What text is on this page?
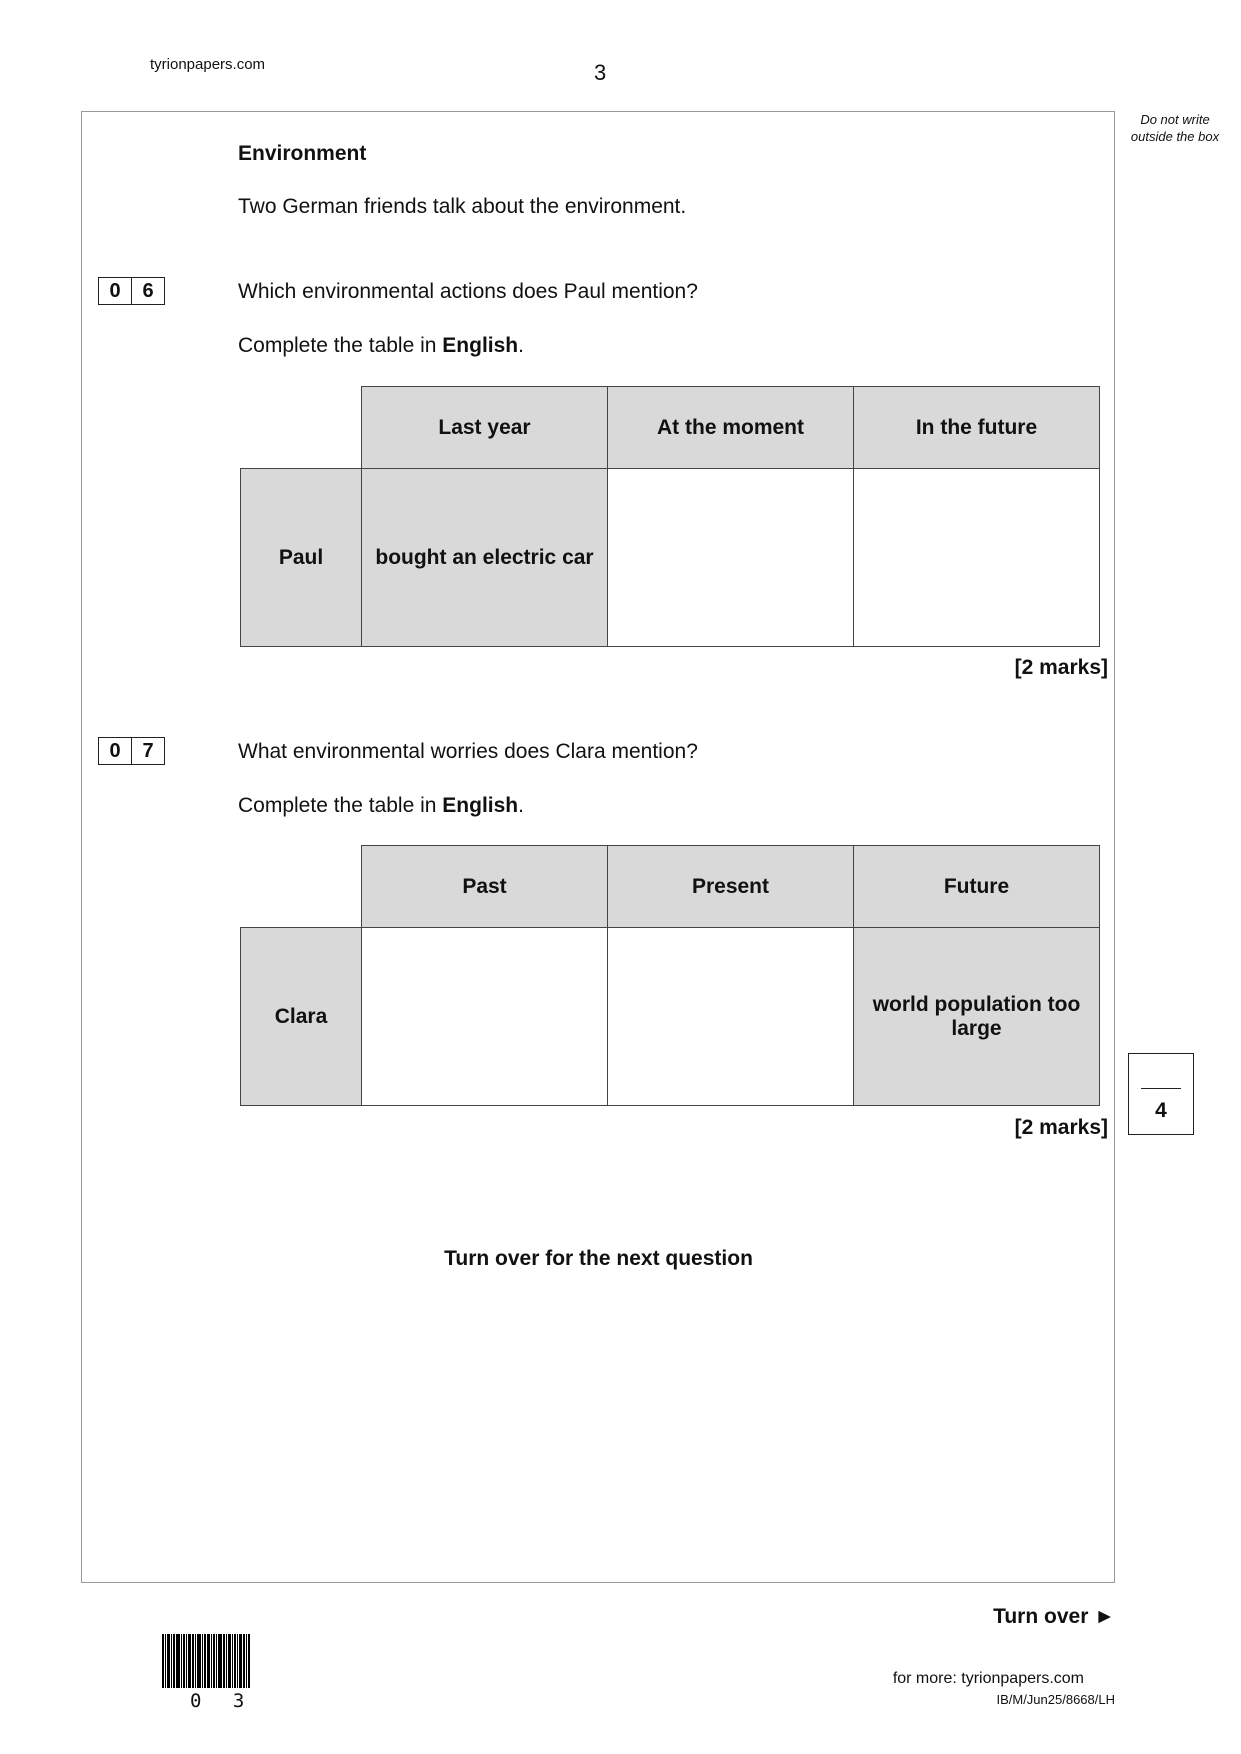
tyrionpapers.com	3
Do not write outside the box
Environment
Two German friends talk about the environment.
0	6	Which environmental actions does Paul mention?
Complete the table in English.
	Last year	At the moment	In the future
Paul	bought an electric car		
[2 marks]
0	7	What environmental worries does Clara mention?
Complete the table in English.
	Past	Present	Future
Clara			world population too large
[2 marks]
4
Turn over for the next question
Turn over ►
0 3
for more: tyrionpapers.com
IB/M/Jun25/8668/LH
